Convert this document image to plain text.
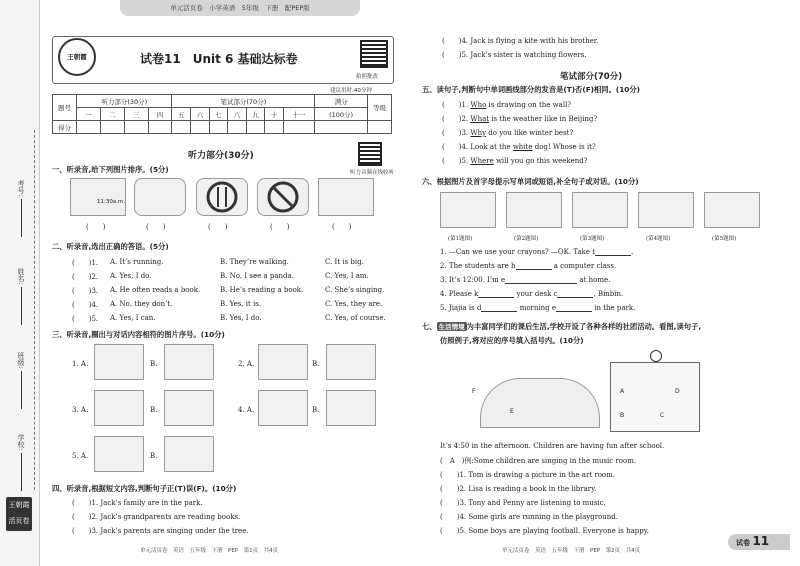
考号:
姓名:
班级:
学校:
王朝霞
活页卷
单元活页卷　小学英语　5年级　下册　配PEP版
王朝霞	试卷11　Unit 6 基础达标卷
拍照批改
建议用时:40分钟
题号	听力部分(30分)				笔试部分(70分)							满分	等级
	一	二	三	四	五	六	七	八	九	十	十一	(100分)	
得分													
听力部分(30分)
听力音频在线收听
一、听录音,给下列图片排序。(5分)
11:30a.m.
(　　)	(　　)	(　　)	(　　)	(　　)
二、听录音,选出正确的答语。(5分)
(　　)1. A. It’s running.	B. They’re walking.	C. It is big.
(　　)2. A. Yes, I do.	B. No, I see a panda.	C. Yes, I am.
(　　)3. A. He often reads a book.	B. He’s reading a book.	C. She’s singing.
(　　)4. A. No, they don’t.	B. Yes, it is.	C. Yes, they are.
(　　)5. A. Yes, I can.	B. Yes, I do.	C. Yes, of course.
三、听录音,圈出与对话内容相符的图片序号。(10分)
1. A.	B.	2. A.	B.
3. A.	B.	4. A.	B.
5. A.	B.
四、听录音,根据短文内容,判断句子正(T)误(F)。(10分)
(　　)1. Jack’s family are in the park.
(　　)2. Jack’s grandparents are reading books.
(　　)3. Jack’s parents are singing under the tree.
单元活页卷　英语　五年级　下册　PEP　第1页　共4页
(　　)4. Jack is flying a kite with his brother.
(　　)5. Jack’s sister is watching flowers.
笔试部分(70分)
五、读句子,判断句中单词画线部分的发音是(T)否(F)相同。(10分)
(　　)1. Who is drawing on the wall?
(　　)2. What is the weather like in Beijing?
(　　)3. Why do you like winter best?
(　　)4. Look at the white dog! Whose is it?
(　　)5. Where will you go this weekend?
六、根据图片及首字母提示写单词或短语,补全句子或对话。(10分)
(第1题图)	(第2题图)	(第3题图)	(第4题图)	(第5题图)
1. —Can we use your crayons? —OK. Take t	.
2. The students are h	a computer class.
3. It’s 12:00. I’m e	at home.
4. Please k	your desk c	, Binbin.
5. Jiajia is d	morning e	in the park.
七、 生活情境 为丰富同学们的课后生活,学校开设了各种各样的社团活动。看图,读句子,
仿照例子,将对应的序号填入括号内。(10分)
F
E
A	D
B	C
It’s 4:50 in the afternoon. Children are having fun after school.
(　A　)例:Some children are singing in the music room.
(　　)1. Tom is drawing a picture in the art room.
(　　)2. Lisa is reading a book in the library.
(　　)3. Tony and Penny are listening to music.
(　　)4. Some girls are running in the playground.
(　　)5. Some boys are playing football. Everyone is happy.
单元活页卷　英语　五年级　下册　PEP　第2页　共4页
试卷 11
